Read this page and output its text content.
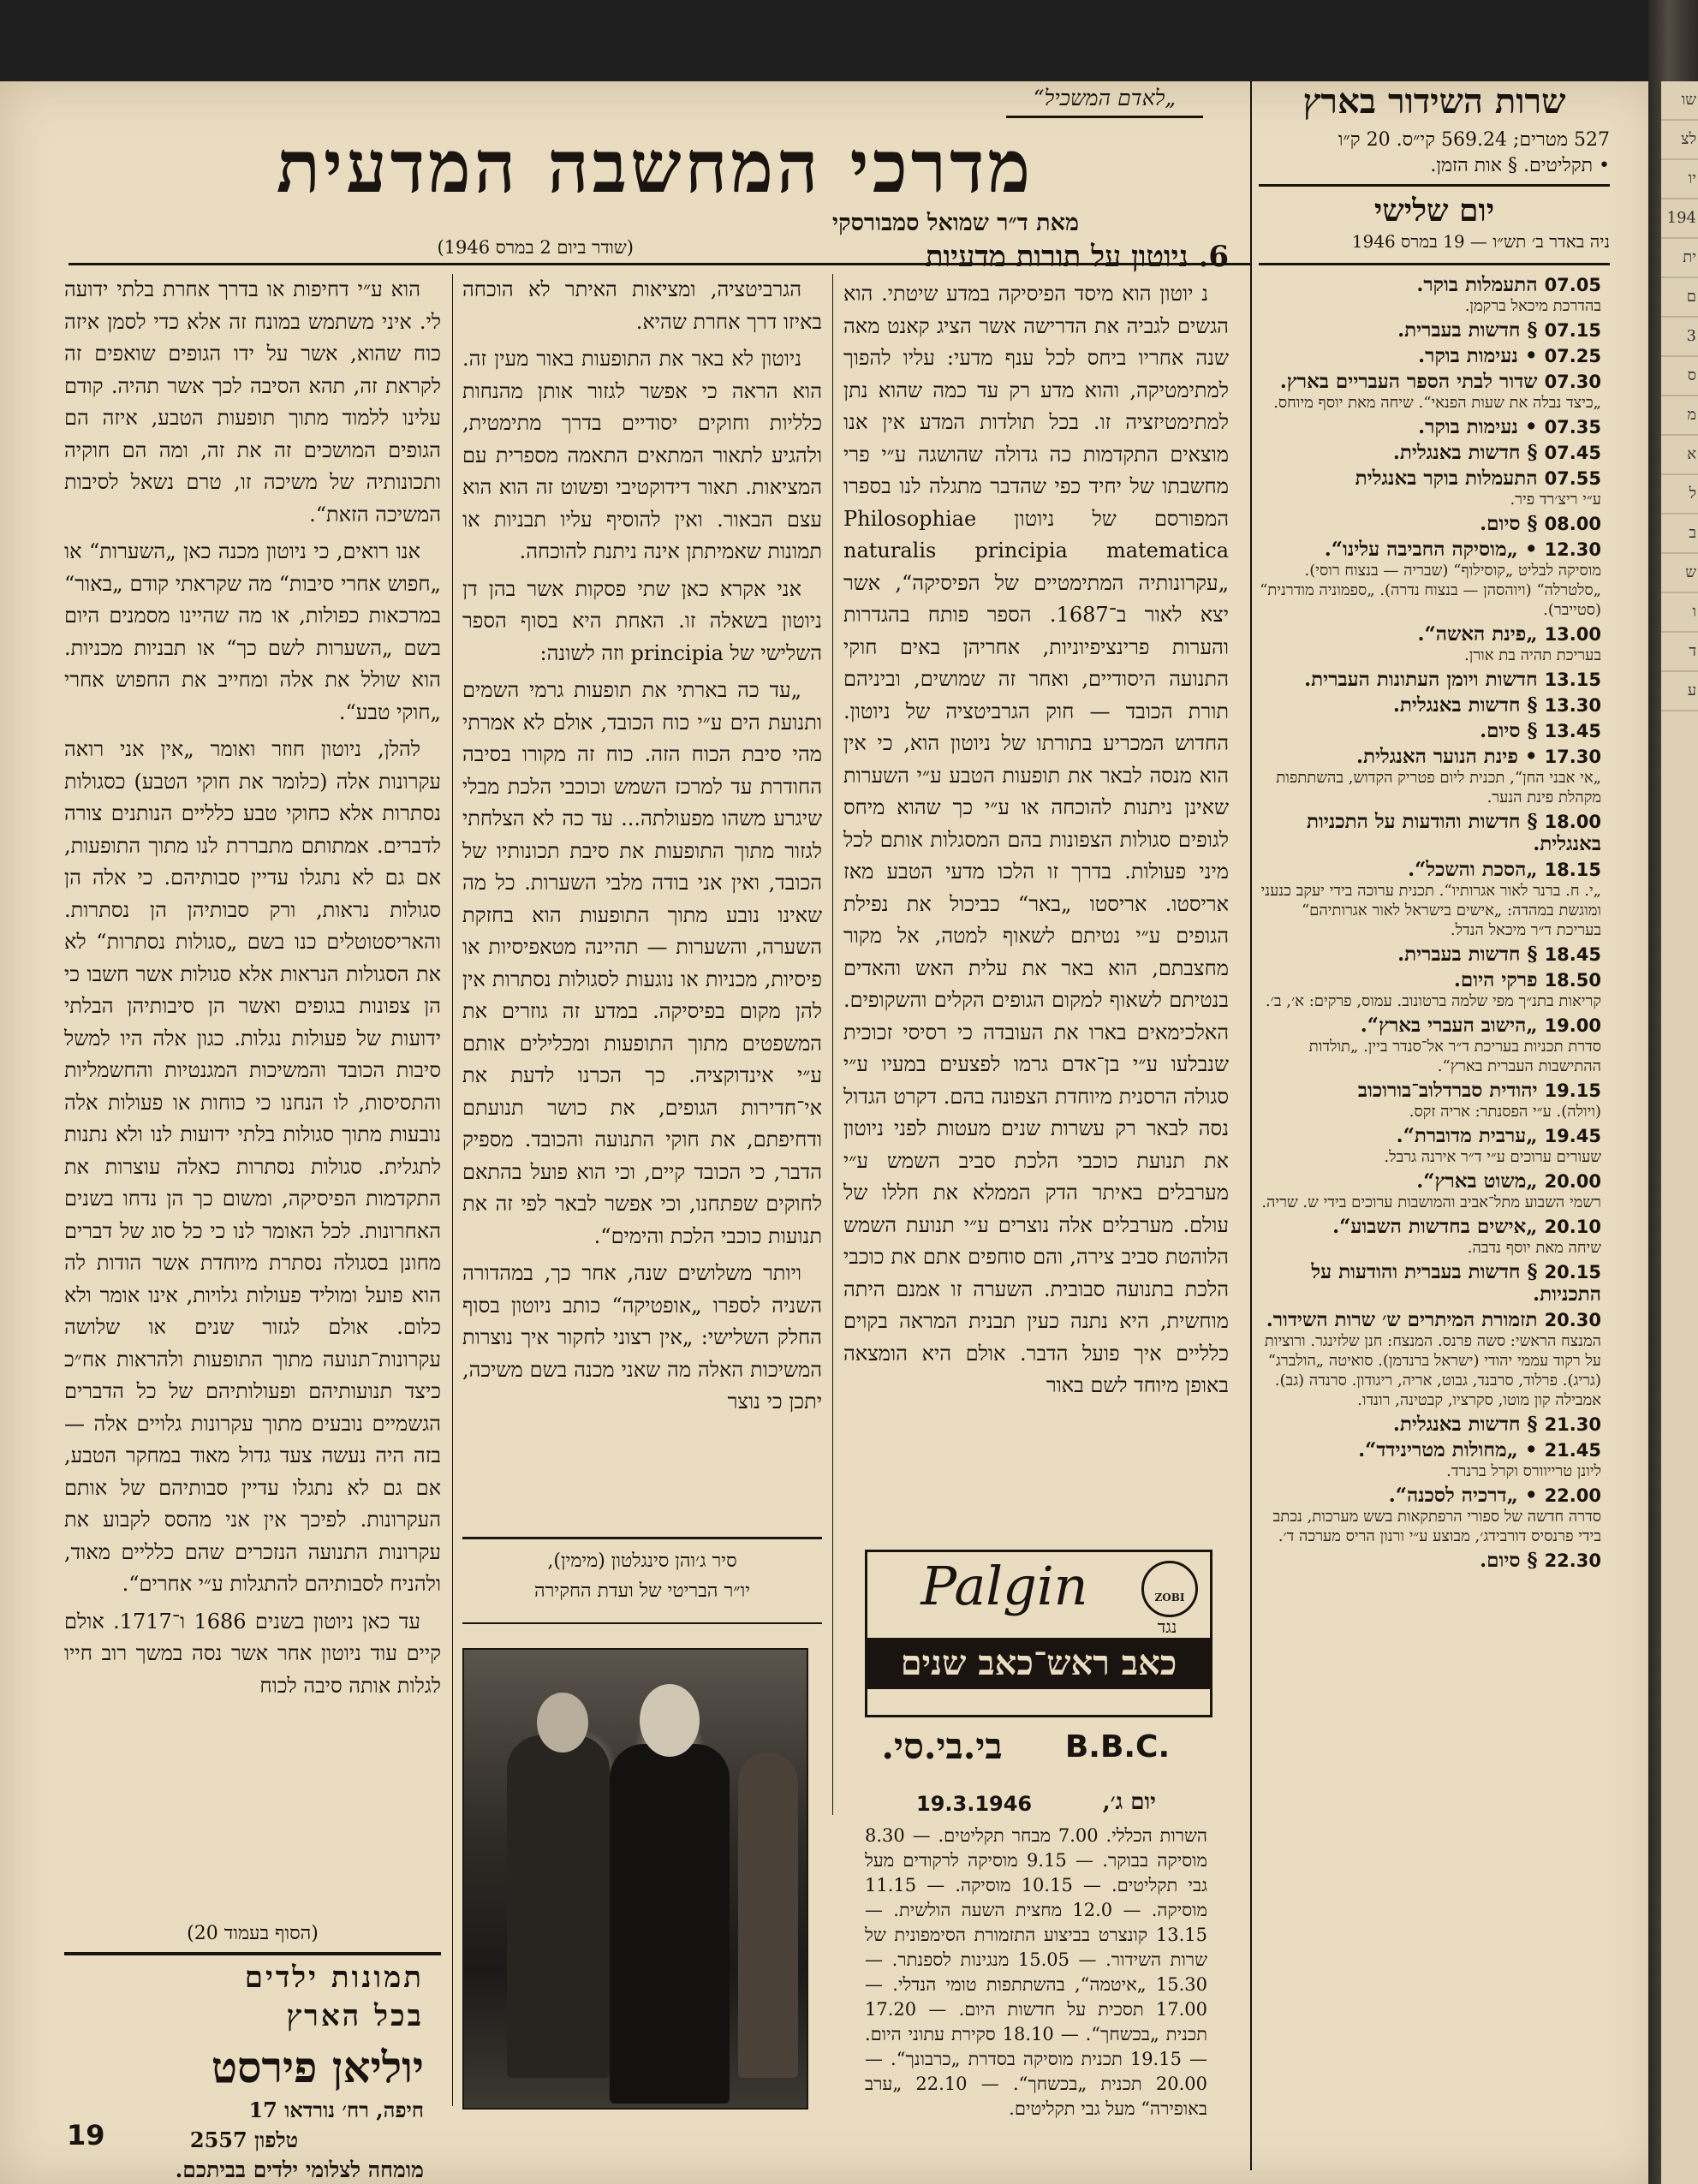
„לאדם המשכיל“
מדרכי המחשבה המדעית
מאת ד״ר שמואל סמבורסקי
(שודר ביום 2 במרס 1946)	6. ניוטון על תורות מדעיות

נ יוטון הוא מיסד הפיסיקה במדע שיטתי. הוא הגשים לגביה את הדרישה אשר הציג קאנט מאה שנה אחריו ביחס לכל ענף מדעי: עליו להפוך למתימטיקה, והוא מדע רק עד כמה שהוא נתן למתימטיזציה זו. בכל תולדות המדע אין אנו מוצאים התקדמות כה גדולה שהושגה ע״י פרי מחשבתו של יחיד כפי שהדבר מתגלה לנו בספרו המפורסם של ניוטון Philosophiae naturalis principia matematica „עקרונותיה המתימטיים של הפיסיקה“, אשר יצא לאור ב־1687. הספר פותח בהגדרות והערות פרינציפיוניות, אחריהן באים חוקי התנועה היסודיים, ואחר זה שמושים, וביניהם תורת הכובד — חוק הגרביטציה של ניוטון. החדוש המכריע בתורתו של ניוטון הוא, כי אין הוא מנסה לבאר את תופעות הטבע ע״י השערות שאינן ניתנות להוכחה או ע״י כך שהוא מיחס לגופים סגולות הצפונות בהם המסגלות אותם לכל מיני פעולות. בדרך זו הלכו מדעי הטבע מאז אריסטו. אריסטו „באר“ כביכול את נפילת הגופים ע״י נטיתם לשאוף למטה, אל מקור מחצבתם, הוא באר את עלית האש והאדים בנטיתם לשאוף למקום הגופים הקלים והשקופים. האלכימאים בארו את העובדה כי רסיסי זכוכית שנבלעו ע״י בן־אדם גרמו לפצעים במעיו ע״י סגולה הרסנית מיוחדת הצפונה בהם. דקרט הגדול נסה לבאר רק עשרות שנים מעטות לפני ניוטון את תנועת כוכבי הלכת סביב השמש ע״י מערבלים באיתר הדק הממלא את חללו של עולם. מערבלים אלה נוצרים ע״י תנועת השמש הלוהטת סביב צירה, והם סוחפים אתם את כוכבי הלכת בתנועה סבובית. השערה זו אמנם היתה מוחשית, היא נתנה כעין תבנית המראה בקוים כלליים איך פועל הדבר. אולם היא הומצאה באופן מיוחד לשם באור

הגרביטציה, ומציאות האיתר לא הוכחה באיזו דרך אחרת שהיא.

ניוטון לא באר את התופעות באור מעין זה. הוא הראה כי אפשר לגזור אותן מהנחות כלליות וחוקים יסודיים בדרך מתימטית, ולהגיע לתאור המתאים התאמה מספרית עם המציאות. תאור דידוקטיבי ופשוט זה הוא הוא עצם הבאור. ואין להוסיף עליו תבניות או תמונות שאמיתתן אינה ניתנת להוכחה.

אני אקרא כאן שתי פסקות אשר בהן דן ניוטון בשאלה זו. האחת היא בסוף הספר השלישי של principia וזה לשונה:

„עד כה בארתי את תופעות גרמי השמים ותנועת הים ע״י כוח הכובד, אולם לא אמרתי מהי סיבת הכוח הזה. כוח זה מקורו בסיבה החודרת עד למרכז השמש וכוכבי הלכת מבלי שיגרע משהו מפעולתה... עד כה לא הצלחתי לגזור מתוך התופעות את סיבת תכונותיו של הכובד, ואין אני בודה מלבי השערות. כל מה שאינו נובע מתוך התופעות הוא בחזקת השערה, והשערות — תהיינה מטאפיסיות או פיסיות, מכניות או נוגעות לסגולות נסתרות אין להן מקום בפיסיקה. במדע זה גוזרים את המשפטים מתוך התופעות ומכלילים אותם ע״י אינדוקציה. כך הכרנו לדעת את אי־חדירות הגופים, את כושר תנועתם ודחיפתם, את חוקי התנועה והכובד. מספיק הדבר, כי הכובד קיים, וכי הוא פועל בהתאם לחוקים שפתחנו, וכי אפשר לבאר לפי זה את תנועות כוכבי הלכת והימים“.

ויותר משלושים שנה, אחר כך, במהדורה השניה לספרו „אופטיקה“ כותב ניוטון בסוף החלק השלישי: „אין רצוני לחקור איך נוצרות המשיכות האלה מה שאני מכנה בשם משיכה, יתכן כי נוצר

סיר ג׳והן סינגלטון (מימין),
יו״ר הבריטי של ועדת החקירה

הוא ע״י דחיפות או בדרך אחרת בלתי ידועה לי. איני משתמש במונח זה אלא כדי לסמן איזה כוח שהוא, אשר על ידו הגופים שואפים זה לקראת זה, תהא הסיבה לכך אשר תהיה. קודם עלינו ללמוד מתוך תופעות הטבע, איזה הם הגופים המושכים זה את זה, ומה הם חוקיה ותכונותיה של משיכה זו, טרם נשאל לסיבות המשיכה הזאת“.

אנו רואים, כי ניוטון מכנה כאן „השערות“ או „חפוש אחרי סיבות“ מה שקראתי קודם „באור“ במרכאות כפולות, או מה שהיינו מסמנים היום בשם „השערות לשם כך“ או תבניות מכניות. הוא שולל את אלה ומחייב את החפוש אחרי „חוקי טבע“.

להלן, ניוטון חוזר ואומר „אין אני רואה עקרונות אלה (כלומר את חוקי הטבע) כסגולות נסתרות אלא כחוקי טבע כלליים הנותנים צורה לדברים. אמתותם מתבררת לנו מתוך התופעות, אם גם לא נתגלו עדיין סבותיהם. כי אלה הן סגולות נראות, ורק סבותיהן הן נסתרות. והאריסטוטלים כנו בשם „סגולות נסתרות“ לא את הסגולות הנראות אלא סגולות אשר חשבו כי הן צפונות בגופים ואשר הן סיבותיהן הבלתי ידועות של פעולות נגלות. כגון אלה היו למשל סיבות הכובד והמשיכות המגנטיות והחשמליות והתסיסות, לו הנחנו כי כוחות או פעולות אלה נובעות מתוך סגולות בלתי ידועות לנו ולא נתנות לתגלית. סגולות נסתרות כאלה עוצרות את התקדמות הפיסיקה, ומשום כך הן נדחו בשנים האחרונות. לכל האומר לנו כי כל סוג של דברים מחונן בסגולה נסתרת מיוחדת אשר הודות לה הוא פועל ומוליד פעולות גלויות, אינו אומר ולא כלום. אולם לגזור שנים או שלושה עקרונות־תנועה מתוך התופעות ולהראות אח״כ כיצד תנועותיהם ופעולותיהם של כל הדברים הגשמיים נובעים מתוך עקרונות גלויים אלה — בזה היה נעשה צעד גדול מאוד במחקר הטבע, אם גם לא נתגלו עדיין סבותיהם של אותם העקרונות. לפיכך אין אני מהסס לקבוע את עקרונות התנועה הנזכרים שהם כלליים מאוד, ולהניח לסבותיהם להתגלות ע״י אחרים“.

עד כאן ניוטון בשנים 1686 ו־1717. אולם קיים עוד ניוטון אחר אשר נסה במשך רוב חייו לגלות אותה סיבה לכוח

(הסוף בעמוד 20)
תמונות ילדים
בכל הארץ
יוליאן פירסט
חיפה, רח׳ נורדאו 17
טלפון 2557
מומחה לצלומי ילדים בביתכם.
19
Palgin	ZOBI
נגד
כאב ראש־כאב שנים
B.B.C.
בי.בי.סי.
יום ג׳,
19.3.1946

השרות הכללי. 7.00 מבחר תקליטים. — 8.30 מוסיקה בבוקר. — 9.15 מוסיקה לרקודים מעל גבי תקליטים. — 10.15 מוסיקה. — 11.15 מוסיקה. — 12.0 מחצית השעה הולשית. — 13.15 קונצרט בביצוע התזמורת הסימפונית של שרות השידור. — 15.05 מנגינות לספנתר. — 15.30 „איטמה“, בהשתתפות טומי הנדלי. — 17.00 תסכית על חדשות היום. — 17.20 תכנית „בכשחך“. — 18.10 סקירת עתוני היום. — 19.15 תכנית מוסיקה בסדרת „כרבונך“. — 20.00 תכנית „בכשחך“. — 22.10 „ערב באופירה“ מעל גבי תקליטים.

שרות השידור בארץ
527 מטרים; 569.24 קי״ס. 20 ק״ו
• תקליטים. § אות הזמן.
יום שלישי
ניה באדר ב׳ תש״ו — 19 במרס 1946
07.05 התעמלות בוקר.
בהדרכת מיכאל ברקמן.
07.15 § חדשות בעברית.
07.25 • נעימות בוקר.
07.30 שדור לבתי הספר העבריים בארץ.
„כיצד נבלה את שעות הפנאי“. שיחה מאת יוסף מיוחס.
07.35 • נעימות בוקר.
07.45 § חדשות באנגלית.
07.55 התעמלות בוקר באנגלית
ע״י ריצ׳רד פיר.
08.00 § סיום.
12.30 • „מוסיקה החביבה עלינו“.
מוסיקה לבליט „קוסילוף“ (שבריה — בנצוח רוסי). „סלטרלה“ (ויוהסהן — בנצוח נדרה). „ספמוניה מודרנית“ (סטייבר).
13.00 „פינת האשה“.
בעריכת תהיה בת אורן.
13.15 חדשות ויומן העתונות העברית.
13.30 § חדשות באנגלית.
13.45 § סיום.
17.30 • פינת הנוער האנגלית.
„אי אבני החן“, תכנית ליום פטריק הקדוש, בהשתתפות מקהלת פינת הנער.
18.00 § חדשות והודעות על התכניות באנגלית.
18.15 „הסכת והשכל“.
„י. ח. ברנר לאור אגרותיו“. תכנית ערוכה בידי יעקב כנעני ומוגשת במהדה: „אישים בישראל לאור אגרותיהם“ בעריכת ד״ר מיכאל הנדל.
18.45 § חדשות בעברית.
18.50 פרקי היום.
קריאות בתנ״ך מפי שלמה ברטונוב. עמוס, פרקים: א׳, ב׳.
19.00 „הישוב העברי בארץ“.
סדרת תכניות בעריכת ד״ר אל־סנדר ביין. „תולדות ההתישבות העברית בארץ“.
19.15 יהודית סברדלוב־בורוכוב
(ויולה). ע״י הפסנתר: אריה זקס.
19.45 „ערבית מדוברת“.
שעורים ערוכים ע״י ד״ר אירנה גרבל.
20.00 „משוט בארץ“.
רשמי השבוע מתל־אביב והמושבות ערוכים בידי ש. שריה.
20.10 „אישים בחדשות השבוע“.
שיחה מאת יוסף נדבה.
20.15 § חדשות בעברית והודעות על התכניות.
20.30 תזמורת המיתרים ש׳ שרות השידור.
המנצח הראשי: סשה פרנס. המנצח: חנן שלזינגר. ורוציות על רקוד עממי יהודי (ישראל ברנדמן). סואיטה „הולברג“ (גריג). פרלוד, סרבנד, גבוט, אריה, ריגודון. סרנדה (גב). אמבילה קון מוטו, סקרציו, קבטינה, רונדו.
21.30 § חדשות באנגלית.
21.45 • „מחולות מטרינידד“.
ליונן טרייוורס וקרל ברנרד.
22.00 • „דרכיה לסכנה“.
סדרה חדשה של ספורי הרפתקאות בשש מערכות, נכתב בידי פרנסיס דורבידג׳, מבוצע ע״י ורנון הריס מערכה ד׳.
22.30 § סיום.
שו
לצ
יו
194
ית
ם
3
ס
מ
א
ל
ב
ש
ו
ד
ע
